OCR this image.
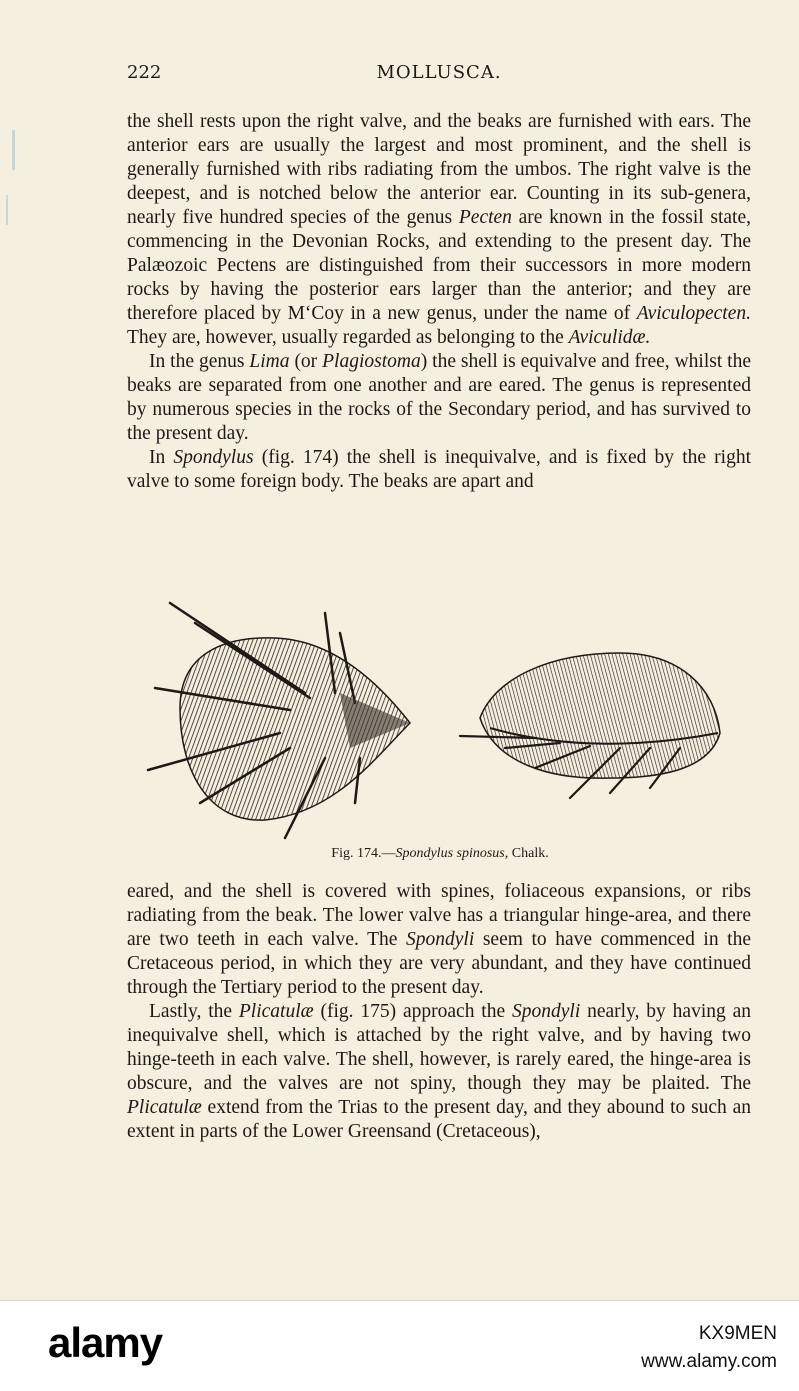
222	MOLLUSCA.

the shell rests upon the right valve, and the beaks are furnished with ears. The anterior ears are usually the largest and most prominent, and the shell is generally furnished with ribs radiating from the umbos. The right valve is the deepest, and is notched below the anterior ear. Counting in its sub-genera, nearly five hundred species of the genus Pecten are known in the fossil state, commencing in the Devonian Rocks, and extending to the present day. The Palæozoic Pectens are distinguished from their successors in more modern rocks by having the posterior ears larger than the anterior; and they are therefore placed by M‘Coy in a new genus, under the name of Aviculopecten. They are, however, usually regarded as belonging to the Aviculidæ.

In the genus Lima (or Plagiostoma) the shell is equivalve and free, whilst the beaks are separated from one another and are eared. The genus is represented by numerous species in the rocks of the Secondary period, and has survived to the present day.

In Spondylus (fig. 174) the shell is inequivalve, and is fixed by the right valve to some foreign body. The beaks are apart and

Fig. 174.—Spondylus spinosus, Chalk.

eared, and the shell is covered with spines, foliaceous expansions, or ribs radiating from the beak. The lower valve has a triangular hinge-area, and there are two teeth in each valve. The Spondyli seem to have commenced in the Cretaceous period, in which they are very abundant, and they have continued through the Tertiary period to the present day.

Lastly, the Plicatulæ (fig. 175) approach the Spondyli nearly, by having an inequivalve shell, which is attached by the right valve, and by having two hinge-teeth in each valve. The shell, however, is rarely eared, the hinge-area is obscure, and the valves are not spiny, though they may be plaited. The Plicatulæ extend from the Trias to the present day, and they abound to such an extent in parts of the Lower Greensand (Cretaceous),

alamy	KX9MEN
www.alamy.com
